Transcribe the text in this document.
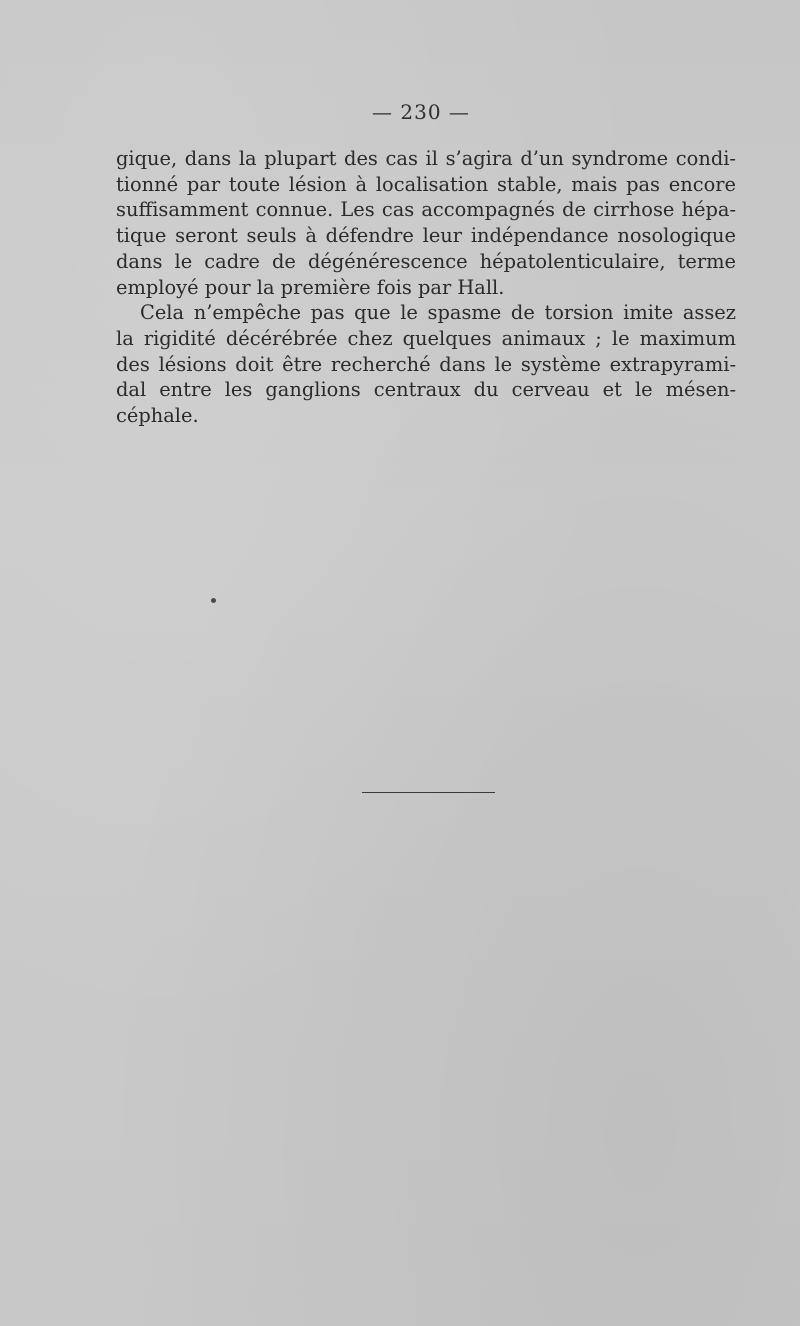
— 230 —

gique, dans la plupart des cas il s’agira d’un syndrome condi-
tionné par toute lésion à localisation stable, mais pas encore
suffisamment connue. Les cas accompagnés de cirrhose hépa-
tique seront seuls à défendre leur indépendance nosologique
dans le cadre de dégénérescence hépatolenticulaire, terme
employé pour la première fois par Hall.

Cela n’empêche pas que le spasme de torsion imite assez
la rigidité décérébrée chez quelques animaux ; le maximum
des lésions doit être recherché dans le système extrapyrami-
dal entre les ganglions centraux du cerveau et le mésen-
céphale.
